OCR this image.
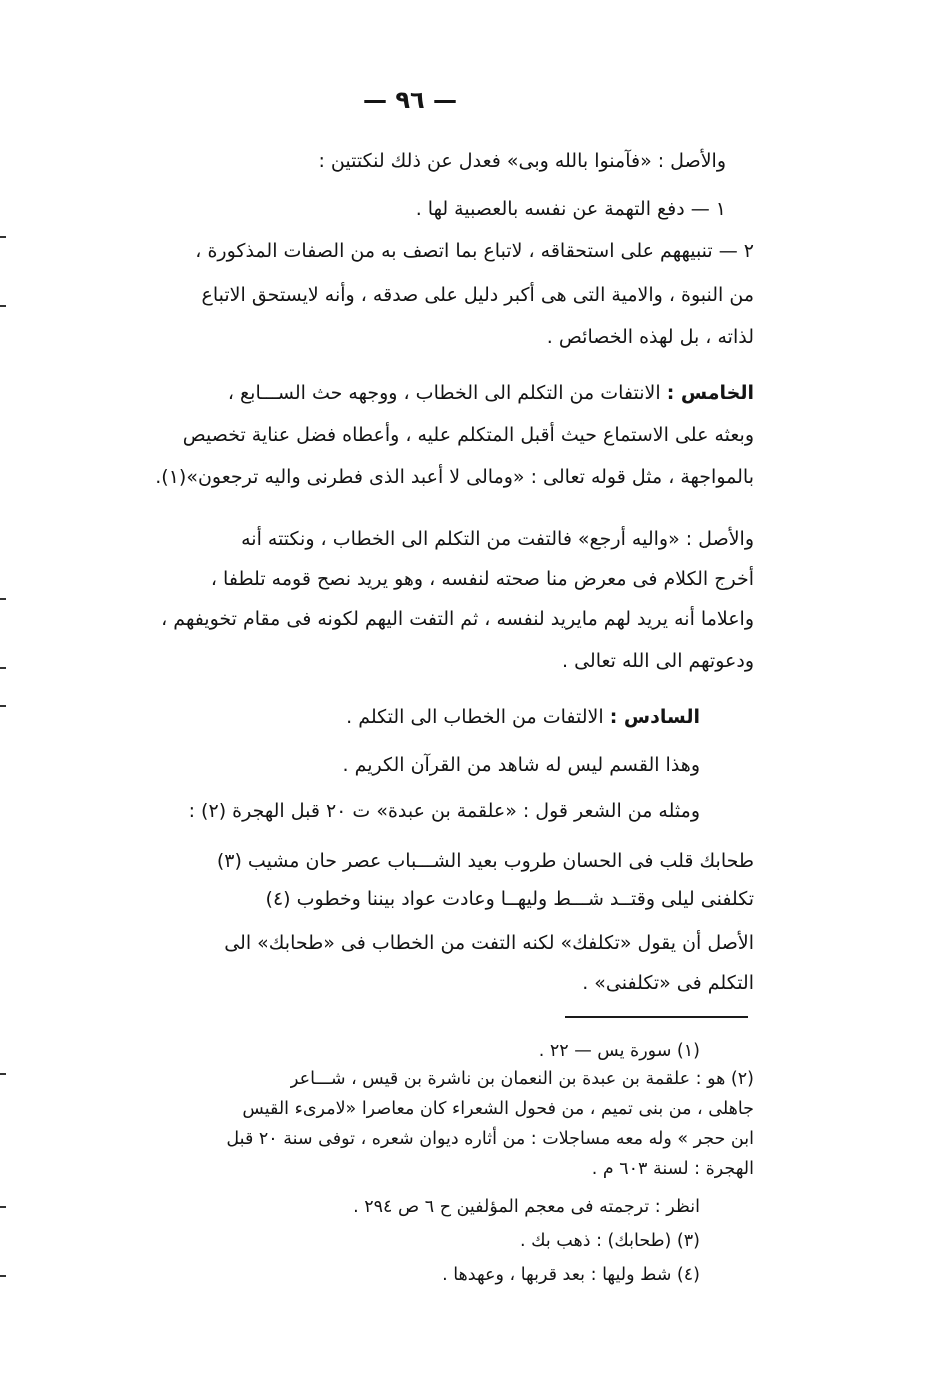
— ٩٦ —
والأصل : «فآمنوا بالله وبى» فعدل عن ذلك لنكتتين :
١ — دفع التهمة عن نفسه بالعصبية لها .
٢ — تنبيههم على استحقاقه ، لاتباع بما اتصف به من الصفات المذكورة ،
من النبوة ، والامية التى هى أكبر دليل على صدقه ، وأنه لايستحق الاتباع
لذاته ، بل لهذه الخصائص .
الخامس : الانتفات من التكلم الى الخطاب ، ووجهه حث الســـابع ،
وبعثه على الاستماع حيث أقبل المتكلم عليه ، وأعطاه فضل عناية تخصيص
بالمواجهة ، مثل قوله تعالى : «ومالى لا أعبد الذى فطرنى واليه ترجعون»(١).
والأصل : «واليه أرجع» فالتفت من التكلم الى الخطاب ، ونكتته أنه
أخرج الكلام فى معرض منا صحته لنفسه ، وهو يريد نصح قومه تلطفا ،
واعلاما أنه يريد لهم مايريد لنفسه ، ثم التفت اليهم لكونه فى مقام تخويفهم ،
ودعوتهم الى الله تعالى .
السادس : الالتفات من الخطاب الى التكلم .
وهذا القسم ليس له شاهد من القرآن الكريم .
ومثله من الشعر قول : «علقمة بن عبدة» ت ٢٠ قبل الهجرة (٢) :
طحابك قلب فى الحسان طروب بعيد الشـــباب عصر حان مشيب (٣)
تكلفنى ليلى وقتــد شـــط وليهــا وعادت عواد بيننا وخطوب (٤)
الأصل أن يقول «تكلفك» لكنه التفت من الخطاب فى «طحابك» الى
التكلم فى «تكلفنى» .
(١) سورة يس — ٢٢ .
(٢) هو : علقمة بن عبدة بن النعمان بن ناشرة بن قيس ، شـــاعر
جاهلى ، من بنى تميم ، من فحول الشعراء كان معاصرا «لامرىء القيس
ابن حجر » وله معه مساجلات : من أثاره ديوان شعره ، توفى سنة ٢٠ قبل
الهجرة : لسنة ٦٠٣ م .
انظر : ترجمته فى معجم المؤلفين ح ٦ ص ٢٩٤ .
(٣) (طحابك) : ذهب بك .
(٤) شط وليها : بعد قربها ، وعهدها .
